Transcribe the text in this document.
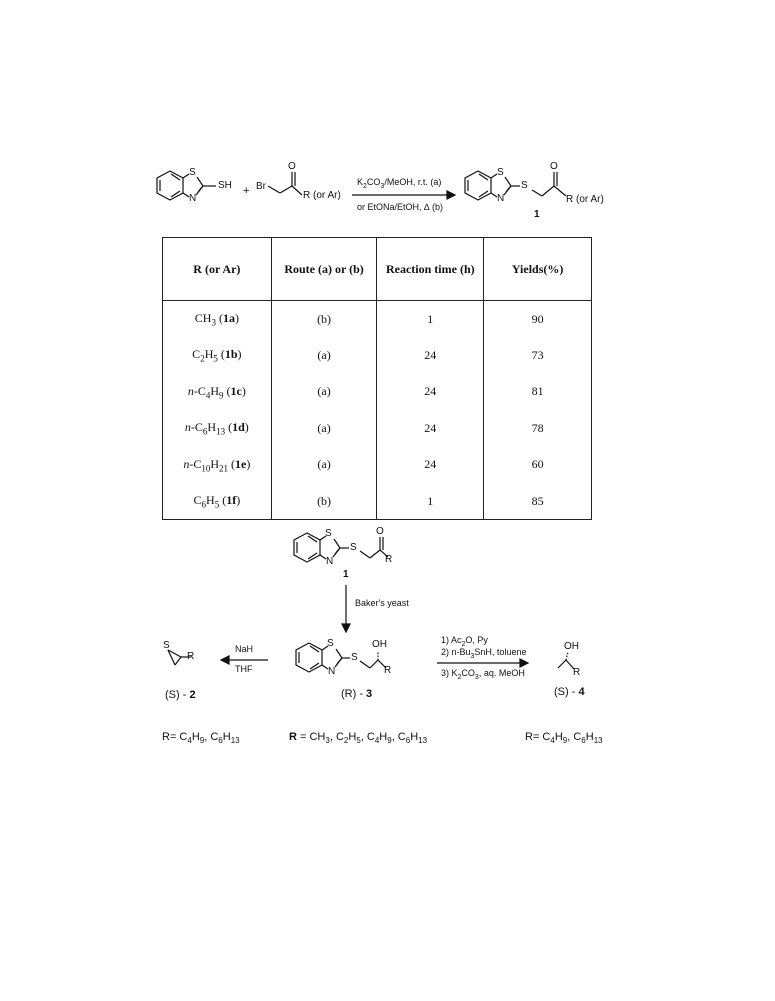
S
N
SH + Br
O
R (or Ar)
$K_2CO_3$/MeOH, r.t. (a)
or EtONa/EtOH, ∆ (b)
S
N
S
O
R (or Ar)
1
R (or Ar)	Route (a) or (b)	Reaction time (h)	Yields(%)
$CH_3$ (1a)	(b)	1	90
$C_2H_5$ (1b)	(a)	24	73
$n-C_4H_9$ (1c)	(a)	24	81
$n-C_6H_{13}$ (1d)	(a)	24	78
$n-C_{10}H_{21}$ (1e)	(a)	24	60
$C_6H_5$ (1f)	(b)	1	85
S
N
S
O
R
1
Baker's yeast
S
R
NaH
THF
S
N
S
OH
R
1) $Ac_2O$, Py
2) $n-Bu_3SnH$, toluene
3) $K_2CO_3$, aq. MeOH
OH
R
(S) - 2	(R) - 3	(S) - 4
$R= C_4H_9$, $C_6H_{13}$	$R = CH_3$, $C_2H_5$, $C_4H_9$, $C_6H_{13}$	$R= C_4H_9$, $C_6H_{13}$
